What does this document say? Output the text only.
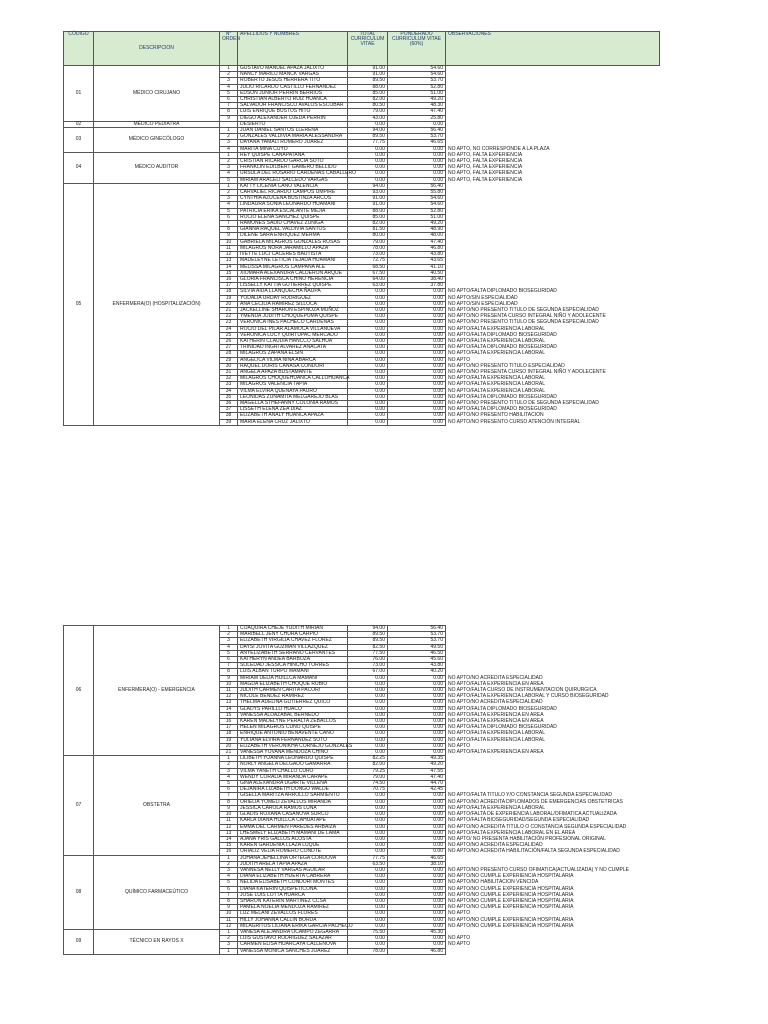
CÓDIGO	DESCRIPCION	N° ORDEN	APELLIDOS Y NOMBRES	TOTAL CURRICULUM VITAE	PONDERADO CURRICULUM VITAE (60%)	OBSERVACIONES
01	MÉDICO CIRUJANO	1	GUSTAVO MANUEL APAZA JALIXTO	91.00	54.60	
		2	NANCY MARILU MANCK VARGAS	91.00	54.60	
		3	ROBERTO JESUS HERRERA TITO	89.50	53.70	
		4	JULIO RICARDO CASTILLO FERNANDEZ	88.00	52.80	
		5	EDSON JUNIOR PERRIN BERRIOS	85.00	51.00	
		6	CHRISTIAN ALBERTO RUIZ HUANCA	82.00	49.20	
		7	SALVADOR FRANCISCO AVALOS ESCOBAR	80.50	48.30	
		8	LUIS ENRIQUE BUSTOS HITO	79.00	47.40	
		9	DIEGO ALEXANDER OJEDA PERRIN	43.00	25.80	
02	MÉDICO PEDIATRA		DESIERTO	0.00	0.00	
03	MÉDICO GINECÓLOGO	1	JUAN DANIEL SANTOS LLERENA	94.00	56.40	
		2	GONZALES VALDIVIA MARIA ALESSANDRA	89.50	53.70	
		3	DAYANA YAMALI ROMERO JUAREZ	77.75	46.65	
		4	MARITA MINA CUYO	0.00	0.00	NO APTO, NO CORRESPONDE A LA PLAZA
04	MÉDICO AUDITOR	1	REY QUISPE CANAPATANA	0.00	0.00	NO APTO, FALTA EXPERIENCIA
		2	CRISTIAN RICARDO GARCIA SOTO	0.00	0.00	NO APTO, FALTA EXPERIENCIA
		3	FRANKLIN EDILBERT GAMERO BELLIDO	0.00	0.00	NO APTO, FALTA EXPERIENCIA
		4	URSULA DEL ROSARIO CARDENAS CABALLERO	0.00	0.00	NO APTO, FALTA EXPERIENCIA
		5	MIRIAM ARACELI SALCEDO VARGAS	0.00	0.00	NO APTO, FALTA EXPERIENCIA
05	ENFERMERA(O) (HOSPITALIZACIÓN)	1	KATTY LICENIA CANO VALENCIA	94.00	56.40	
		2	CARVALIEL RICARDO CAMPOS UMPIRE	93.00	55.80	
		3	CYNTHIA AZUCENA BUSTINZA ARCOS	91.00	54.60	
		4	LINDAURA SONIA LEONARDO HUAMANI	91.00	54.60	
		5	PATRICIA ERIKA ESCALANTE MEJIA	88.00	52.80	
		6	ROCIO ELENA SANCHEZ QUISPE	85.00	51.00	
		7	RAMONES SADID CHAVEZ ZUNIGA	82.00	49.20	
		8	GIANNA RAQUEL VALDIVIA SANTOS	81.50	48.90	
		9	DILENE SARA ENRIQUEZ MERMA	80.00	48.00	
		10	GABRIELA MILAGROS GONZALES ROSAS	79.00	47.40	
		11	MILAGROS NORA JARAMILLO APAZA	78.00	46.80	
		12	IVETTE LUCI CACERES BAUTISTA	73.00	43.80	
		13	MADELEYNE LETICIA TEJADA HUAMANI	72.75	43.65	
		14	MELISSA MILAGROS CAMPANA ALE	68.50	41.10	
		15	XIOMARA ALEXANDRA CALDERON ARQUE	67.50	40.50	
		16	GLORIA FRANCISCA CHINO HERENCIA	64.00	38.40	
		17	LISSELLY KATTIA GUTIERREZ QUISPE	63.00	37.80	
		18	SILVIA AIDA LLANQUECHA ÑAUPA	0.00	0.00	NO APTO/FALTA DIPLOMADO BIOSEGURIDAD
		19	YODALIA URDAY RODRIGUEZ	0.00	0.00	NO APTO/SIN ESPECIALIDAD
		20	ANA CECILIA RAMIREZ SILLOCA	0.00	0.00	NO APTO/SIN ESPECIALIDAD
		21	JACKELLINE SHARON ESPINOZA MUÑOZ	0.00	0.00	NO APTO/NO PRESENTO TITULO DE SEGUNDA ESPECIALIDAD
		22	YMENDA JUDITH CHOQUEPUMA QUISPE	0.00	0.00	NO APTO/NO PRESENTA CURSO INTEGRAL NIÑO Y ADOLECENTE
		23	VERONICA INES PACHECO CARDENAS	0.00	0.00	NO APTO/NO PRESENTO TITULO DE SEGUNDA ESPECIALIDAD
		24	ROCIO DEL PILAR ALAMOCA VILLANUEVA	0.00	0.00	NO APTO/FALTA EXPERIENCIA LABORAL
		25	VERONICA LUCY QUIRTUPAC MERCADO	0.00	0.00	NO APTO/FALTA DIPLOMADO BIOSEGURIDAD
		26	KATHERIN CLAUDIA HANCCO SALHUA	0.00	0.00	NO APTO/FALTA EXPERIENCIA LABORAL
		27	TRINIDAD INGRI ALVAREZ ANACATA	0.00	0.00	NO APTO/FALTA DIPLOMADO BIOSEGURIDAD
		28	MILAGROS ZAPANA ELSIN	0.00	0.00	NO APTO/FALTA EXPERIENCIA LABORAL
		29	ANGELICA VILMA NINA ABARCA	0.00	0.00	NO APTO
		30	RAQUEL DORIS CANASA CONDORI	0.00	0.00	NO APTO/NO PRESENTO TITULO ESPECIALIDAD
		31	ANGELA APAZA BUSTAMANTE	0.00	0.00	NO APTO/NO PRESENTA CURSO INTEGRAL NIÑO Y ADOLECENTE
		32	MILAGROS CHOQUEHUANCA CALLOHUANCA	0.00	0.00	NO APTO/FALTA EXPERIENCIA LABORAL
		33	MILAGROS VALENCIA TAPIA	0.00	0.00	NO APTO/FALTA EXPERIENCIA LABORAL
		34	VILMA ELVIRA QUENAYA PAURO	0.00	0.00	NO APTO/FALTA EXPERIENCIA LABORAL
		35	LEONIDAS ZUNAMITA MELGAREJO BLAS	0.00	0.00	NO APTO/FALTA DIPLOMADO BIOSEGURIDAD
		36	MAGELLA STHEFANNY COLONIA RAMOS	0.00	0.00	NO APTO/NO PRESENTO TITULO DE SEGUNDA ESPECIALIDAD
		37	LISSETH ELENA ZEA DIAZ	0.00	0.00	NO APTO/FALTA DIPLOMADO BIOSEGURIDAD
		38	ELIZABETH ANALY HUANCA APAZA	0.00	0.00	NO APTO/NO PRESENTO HABILITACION
		39	MARIA ELENA CRUZ JALIXTO	0.00	0.00	NO APTO/NO PRESENTO CURSO ATENCIÓN INTEGRAL
06	ENFERMERA(O) - EMERGENCIA	1	COAQUIRA CHEJE YUDITH MIRIAN	94.00	56.40	
		2	MARIBELL JENY CHURA CARPIO	89.50	53.70	
		3	ELIZABETH VIRGILIA CHAVEZ FLOREZ	89.50	53.70	
		4	DAYSI JOVITA GUZMAN VILLAZQUEZ	82.50	49.50	
		5	ANYELIZABETH SERRANO CERVANTES	77.50	46.50	
		6	KATHERYN ANDEA BARBOZA	76.00	45.60	
		7	SOLEDAD JESSICA HINCHO TORRES	73.00	43.80	
		8	LUIS ALBAN TURPO MAMANI	67.00	40.20	
		9	MIRIAM DELIA HUILLCA MAMANI	0.00	0.00	NO APTO/NO ACREDITA ESPECIALIDAD
		10	MAGDA ELIZABETH CHOQUE RUBIO	0.00	0.00	NO APTO/FALTA EXPERIENCIA EN AREA
		11	JUDITH CARMEN CARITA PACORI	0.00	0.00	NO APTO/FALTA CURSO DE INSTRUMENTACION QUIRURGICA
		12	NICOLE BENDEZ RAMIREZ	0.00	0.00	NO APTO/FALTA EXPERIENCIA LABORAL Y CURSO BIOSEGURIDAD
		13	THELMA ADELINA GUTIERREZ QUICO	0.00	0.00	NO APTO/NO ACREDITA ESPECIALIDAD
		14	GLADYS PARILLO HUACO	0.00	0.00	NO APTO/FALTA DIPLOMADO BIOSEGURIDAD
		15	VANESSA ALDAZABAL BERNEDO	0.00	0.00	NO APTO/FALTA EXPERIENCIA EN AREA
		16	KAREN MADELYNE PERALTA ZEBALLOS	0.00	0.00	NO APTO/FALTA EXPERIENCIA EN AREA
		17	HELEN MILAGROS CUNO QUISPE	0.00	0.00	NO APTO/FALTA DIPLOMADO BIOSEGURIDAD
		18	ENRIQUE ANTONIO BENAVENTE CANO	0.00	0.00	NO APTO/FALTA EXPERIENCIA LABORAL
		19	YULIANA ELVIRA FERNANDEZ SOTO	0.00	0.00	NO APTO/FALTA EXPERIENCIA LABORAL
		20	ELIZABETH VERONIKHA CORNEJO GONZALES	0.00	0.00	NO APTO
		21	VANESSA YOVANA MENDOZA CHINO	0.00	0.00	NO APTO/FALTA EXPERIENCIA EN AREA
07	OBSTETRA	1	LILIBETH YOANNA LEONARDO QUISPE	82.25	49.35	
		2	NORLY ANGELA DELGADO GAMARRA	82.00	49.20	
		3	VILMA YANETH CHALLO CURO	79.25	47.55	
		4	WENDY CORALIA MIRANDA CARAPE	79.00	47.40	
		5	GINA ALEXANDRA UGARTE VILLENA	74.50	44.70	
		6	DEJANIRA LIZABETH DONGO WALDE	70.75	42.45	
		7	GISELLA MARITZA ARROLLO SARMIENTO	0.00	0.00	NO APTO/FALTA TITULO Y/O CONSTANCIA SEGUNDA ESPECIALIDAD
		8	ORIELIA YOMELI ZEVALLOS MIRANDA	0.00	0.00	NO APTO/NO ACREDITA DIPLOMADOS DE EMERGENCIAS OBSTETRICAS
		9	JESSICA CAROLA RAMOS LUNA	0.00	0.00	NO APTO/FALTA EXPERIENCIA LABORAL
		10	GLADIS ROXANA CASANOVA SURCO	0.00	0.00	NO APTO/FALTA DE EXPERIENCIA LABORAL/OFIMATICA ACTUALIZADA
		11	KARLA DIANA HUILLCA CAHUATAPE	0.00	0.00	NO APTO/FALTA BIOSEGURIDAD/SEGUNDA ESPECIALIDAD
		12	EMMA DEL CARMEN PAREDES ARBAIZA	0.00	0.00	NO APTO/NO ACREDITA TITULO O CONSTANCIA SEGUNDA ESPECIALIDAD
		13	LHESMELY ELIZABETH MAMANI DE LAMA	0.00	0.00	NO APTO/FALTA EXPERIENCIA LABORAL EN EL AREA
		14	AJANA YRIS GALLOS ACOSTA	0.00	0.00	NO APTO/ NO PRESENTA HABILITACIÓN PROFESIONAL ORIGINAL
		15	KAREN GARDENIA LLAZA LUQUE	0.00	0.00	NO APTO/NO ACREDITA ESPECIALIDAD
		16	ORIALIZ VELIA ROMERO CONDTE	0.00	0.00	NO APTO/NO ACREDITA HABILITACIÓN/FALTA SEGUNDA ESPECIALIDAD
08	QUÍMICO FARMACEÚTICO	1	JOHANA JEHELLINA ORTEGA CORDOVA	77.75	46.65	
		2	JUDITH ARELA TAPIA APAZA	63.50	38.10	
		3	VANNESA NELLY VARGAS AGUILAR	0.00	0.00	NO APTO/NO PRESENTO CURSO OFIMATICA(ACTUALIZADA) Y NO CUMPLE
		4	DIANA ELIZABETH HUERTA CABRERA	0.00	0.00	NO APTO/NO CUMPLE EXPERIENCIA HOSPITALARIA
		5	NELIDA ELISABETH CONDORI MONTES	0.00	0.00	NO APTO/NO HABILITACION VENCIDA
		6	DIANA KATERIN QUISPETICONA	0.00	0.00	NO APTO/NO CUMPLE EXPERIENCIA HOSPITALARIA
		7	JOSE LUIS LOTTA HUARCA	0.00	0.00	NO APTO/NO CUMPLE EXPERIENCIA HOSPITALARIA
		8	SHARON KATERIN MARTINEZ CCSA	0.00	0.00	NO APTO/NO CUMPLE EXPERIENCIA HOSPITALARIA
		9	PAMELA NOELIA MENDOZA RAMIREZ	0.00	0.00	NO APTO/NO CUMPLE EXPERIENCIA HOSPITALARIA
		10	LUZ MELANI ZEVALLOS FLORES	0.00	0.00	NO APTO
		11	HILLY JOHANNA CALLIN BORDA	0.00	0.00	NO APTO/NO CUMPLE EXPERIENCIA HOSPITALARIA
		12	MILAGRITOS LILIANA ERIKA GARCIA PACHECO	0.00	0.00	NO APTO/NO CUMPLE EXPERIENCIA HOSPITALARIA
09	TÉCNICO EN RAYOS X	1	VANESA ALEJANDRA OCAMPO ZEGARRA	75.50	45.30	
		2	LUIS GUSTAVO RODRIGUEZ SALAZAR	0.00	0.00	NO APTO
		3	CARMEN ELISA HUARCAYA CALLENOVA	0.00	0.00	NO APTO
		1	VANESSA MONICA SANCHES JUAREZ	78.00	46.80	
